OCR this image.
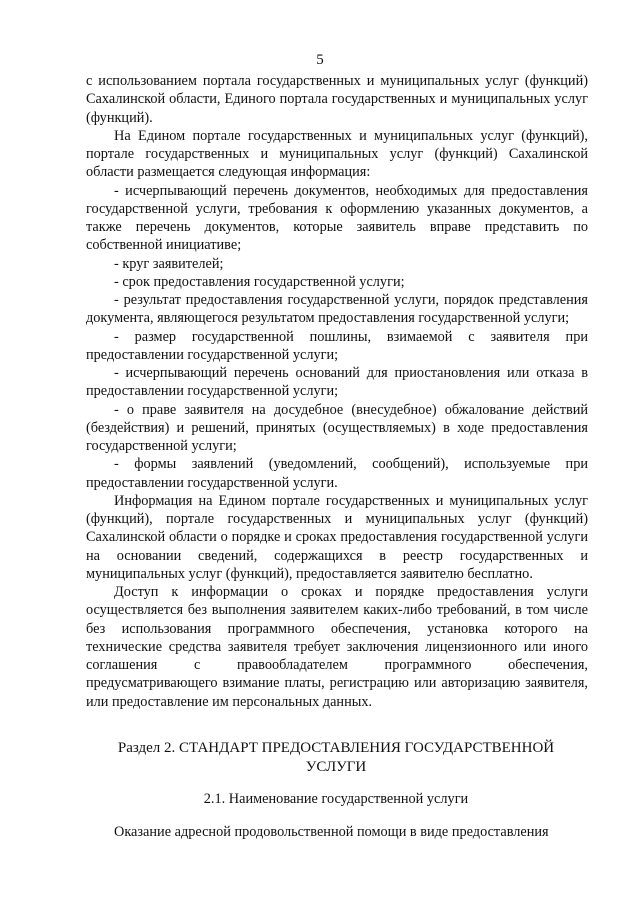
5

с использованием портала государственных и муниципальных услуг (функций) Сахалинской области, Единого портала государственных и муниципальных услуг (функций).

На Едином портале государственных и муниципальных услуг (функций), портале государственных и муниципальных услуг (функций) Сахалинской области размещается следующая информация:

- исчерпывающий перечень документов, необходимых для предоставления государственной услуги, требования к оформлению указанных документов, а также перечень документов, которые заявитель вправе представить по собственной инициативе;

- круг заявителей;

- срок предоставления государственной услуги;

- результат предоставления государственной услуги, порядок представления документа, являющегося результатом предоставления государственной услуги;

- размер государственной пошлины, взимаемой с заявителя при предоставлении государственной услуги;

- исчерпывающий перечень оснований для приостановления или отказа в предоставлении государственной услуги;

- о праве заявителя на досудебное (внесудебное) обжалование действий (бездействия) и решений, принятых (осуществляемых) в ходе предоставления государственной услуги;

- формы заявлений (уведомлений, сообщений), используемые при предоставлении государственной услуги.

Информация на Едином портале государственных и муниципальных услуг (функций), портале государственных и муниципальных услуг (функций) Сахалинской области о порядке и сроках предоставления государственной услуги на основании сведений, содержащихся в реестр государственных и муниципальных услуг (функций), предоставляется заявителю бесплатно.

Доступ к информации о сроках и порядке предоставления услуги осуществляется без выполнения заявителем каких-либо требований, в том числе без использования программного обеспечения, установка которого на технические средства заявителя требует заключения лицензионного или иного соглашения с правообладателем программного обеспечения, предусматривающего взимание платы, регистрацию или авторизацию заявителя, или предоставление им персональных данных.

Раздел 2. СТАНДАРТ ПРЕДОСТАВЛЕНИЯ ГОСУДАРСТВЕННОЙ УСЛУГИ
2.1. Наименование государственной услуги
Оказание адресной продовольственной помощи в виде предоставления
